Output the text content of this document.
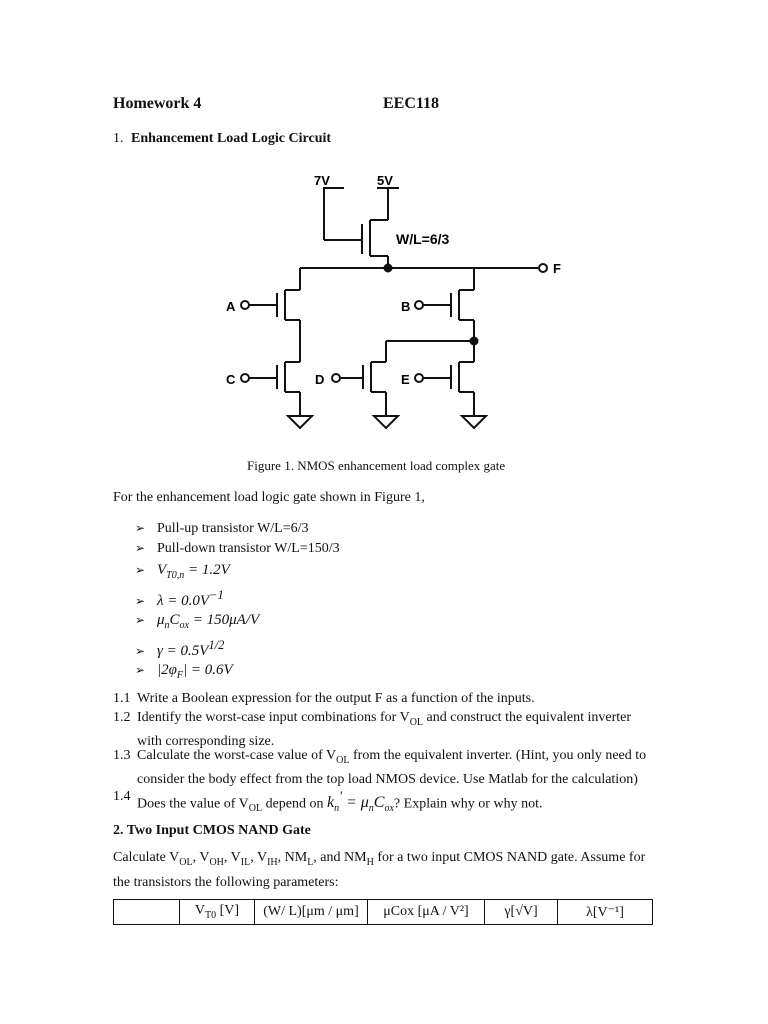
Homework 4	EEC118
1. Enhancement Load Logic Circuit
7V	5V
W/L=6/3
F
A	B
C	D	E
Figure 1. NMOS enhancement load complex gate
For the enhancement load logic gate shown in Figure 1,
➢ Pull-up transistor W/L=6/3
➢ Pull-down transistor W/L=150/3
➢ $V_{T0,n} = 1.2V$
➢ $\lambda = 0.0V^{-1}$
➢ $\mu_nC_{ox} = 150\mu A/V$
➢ $\gamma = 0.5V^{1/2}$
➢ $|2\varphi_F| = 0.6V$
1.1 Write a Boolean expression for the output F as a function of the inputs.
1.2 Identify the worst-case input combinations for $V_{OL}$ and construct the equivalent inverter with corresponding size.
1.3 Calculate the worst-case value of $V_{OL}$ from the equivalent inverter. (Hint, you only need to consider the body effect from the top load NMOS device. Use Matlab for the calculation)
1.4 Does the value of $V_{OL}$ depend on $k_n' = \mu_nC_{ox}$? Explain why or why not.
2. Two Input CMOS NAND Gate
Calculate $V_{OL}$, $V_{OH}$, $V_{IL}$, $V_{IH}$, $NM_L$, and $NM_H$ for a two input CMOS NAND gate. Assume for the transistors the following parameters:
	$V_{T0}$ [V]	(W/ L)[μm / μm]	μCox [μA / V²]	γ[√V]	λ[V⁻¹]
